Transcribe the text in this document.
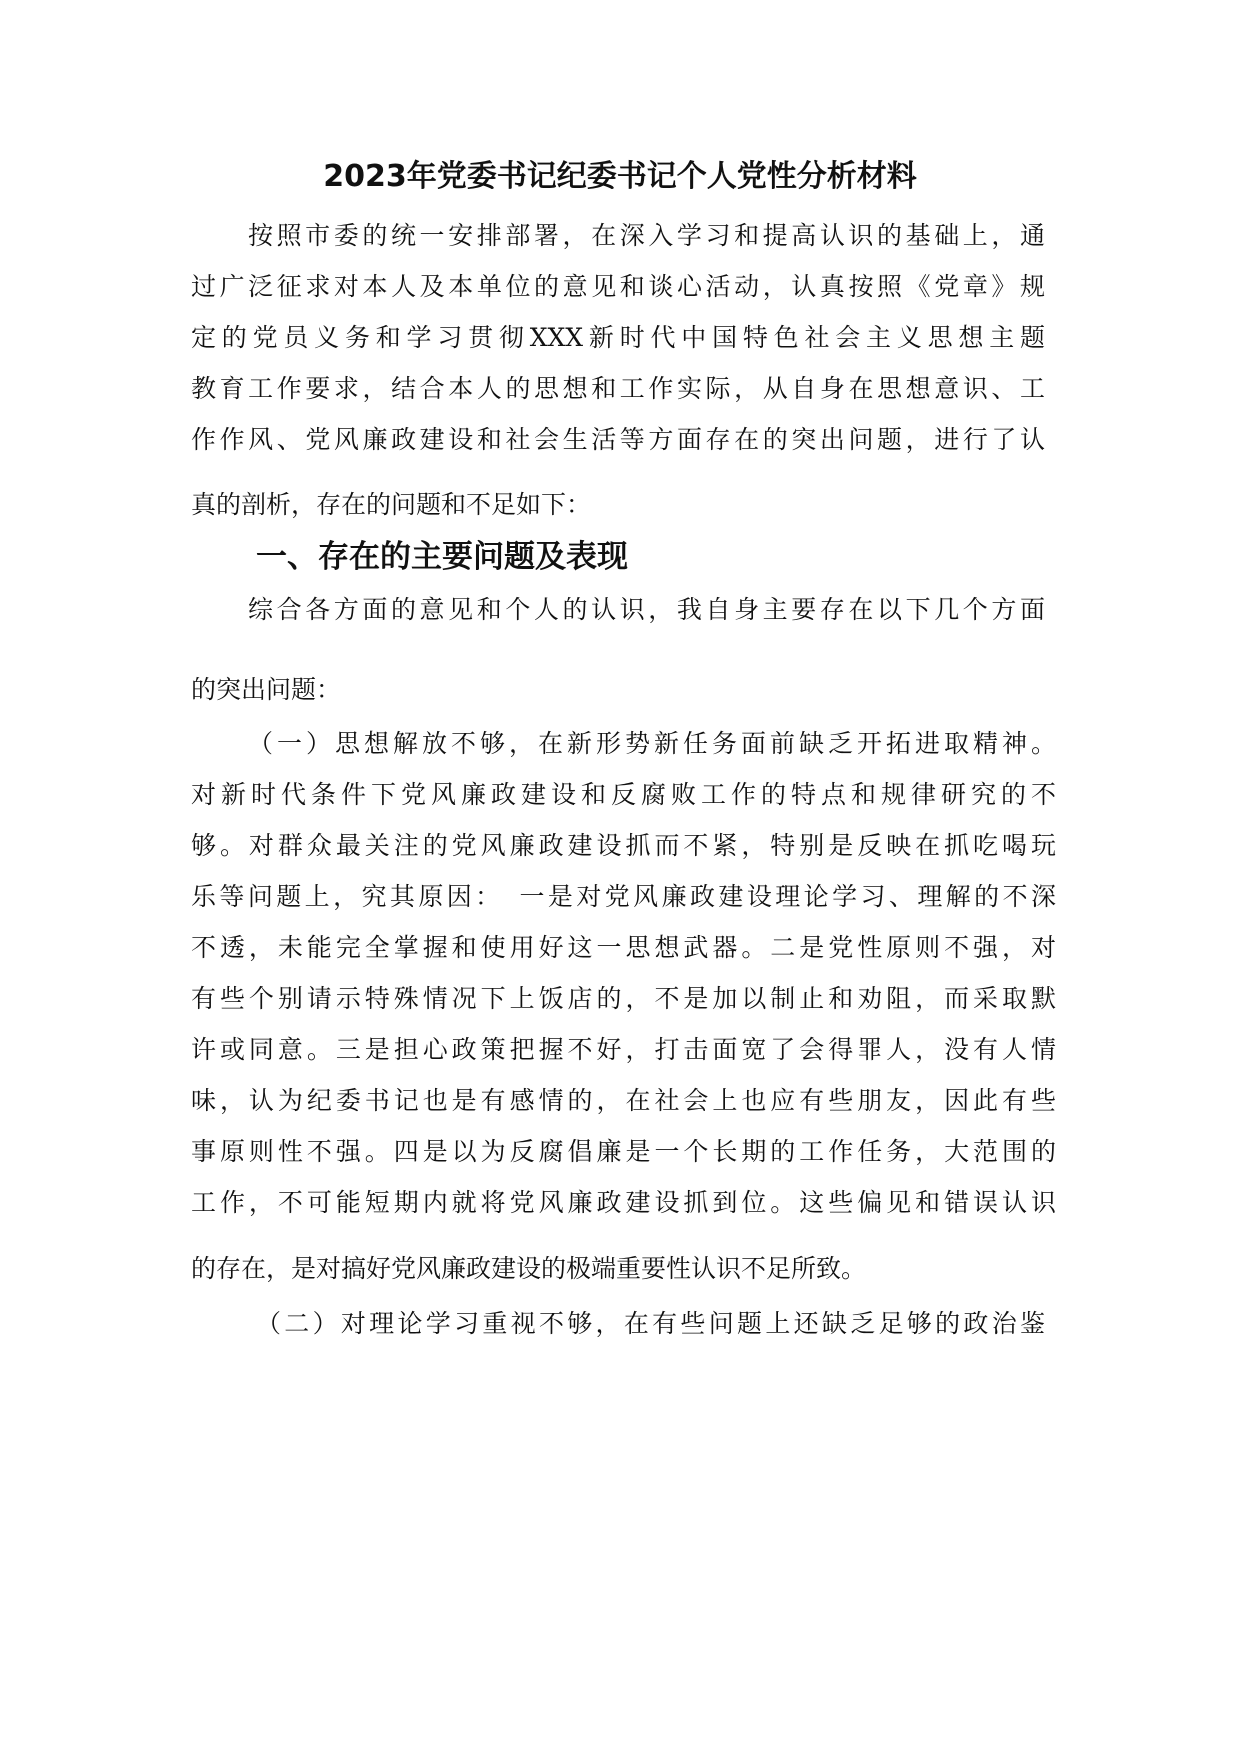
2023年党委书记纪委书记个人党性分析材料
按照市委的统一安排部署，在深入学习和提高认识的基础上，通
过广泛征求对本人及本单位的意见和谈心活动，认真按照《党章》规
定的党员义务和学习贯彻XXX新时代中国特色社会主义思想主题
教育工作要求，结合本人的思想和工作实际，从自身在思想意识、工
作作风、党风廉政建设和社会生活等方面存在的突出问题，进行了认
真的剖析，存在的问题和不足如下：
一、存在的主要问题及表现
综合各方面的意见和个人的认识，我自身主要存在以下几个方面
的突出问题：
（一）思想解放不够，在新形势新任务面前缺乏开拓进取精神。
对新时代条件下党风廉政建设和反腐败工作的特点和规律研究的不
够。对群众最关注的党风廉政建设抓而不紧，特别是反映在抓吃喝玩
乐等问题上，究其原因：　一是对党风廉政建设理论学习、理解的不深
不透，未能完全掌握和使用好这一思想武器。二是党性原则不强，对
有些个别请示特殊情况下上饭店的，不是加以制止和劝阻，而采取默
许或同意。三是担心政策把握不好，打击面宽了会得罪人，没有人情
味，认为纪委书记也是有感情的，在社会上也应有些朋友，因此有些
事原则性不强。四是以为反腐倡廉是一个长期的工作任务，大范围的
工作，不可能短期内就将党风廉政建设抓到位。这些偏见和错误认识
的存在，是对搞好党风廉政建设的极端重要性认识不足所致。
（二）对理论学习重视不够，在有些问题上还缺乏足够的政治鉴
